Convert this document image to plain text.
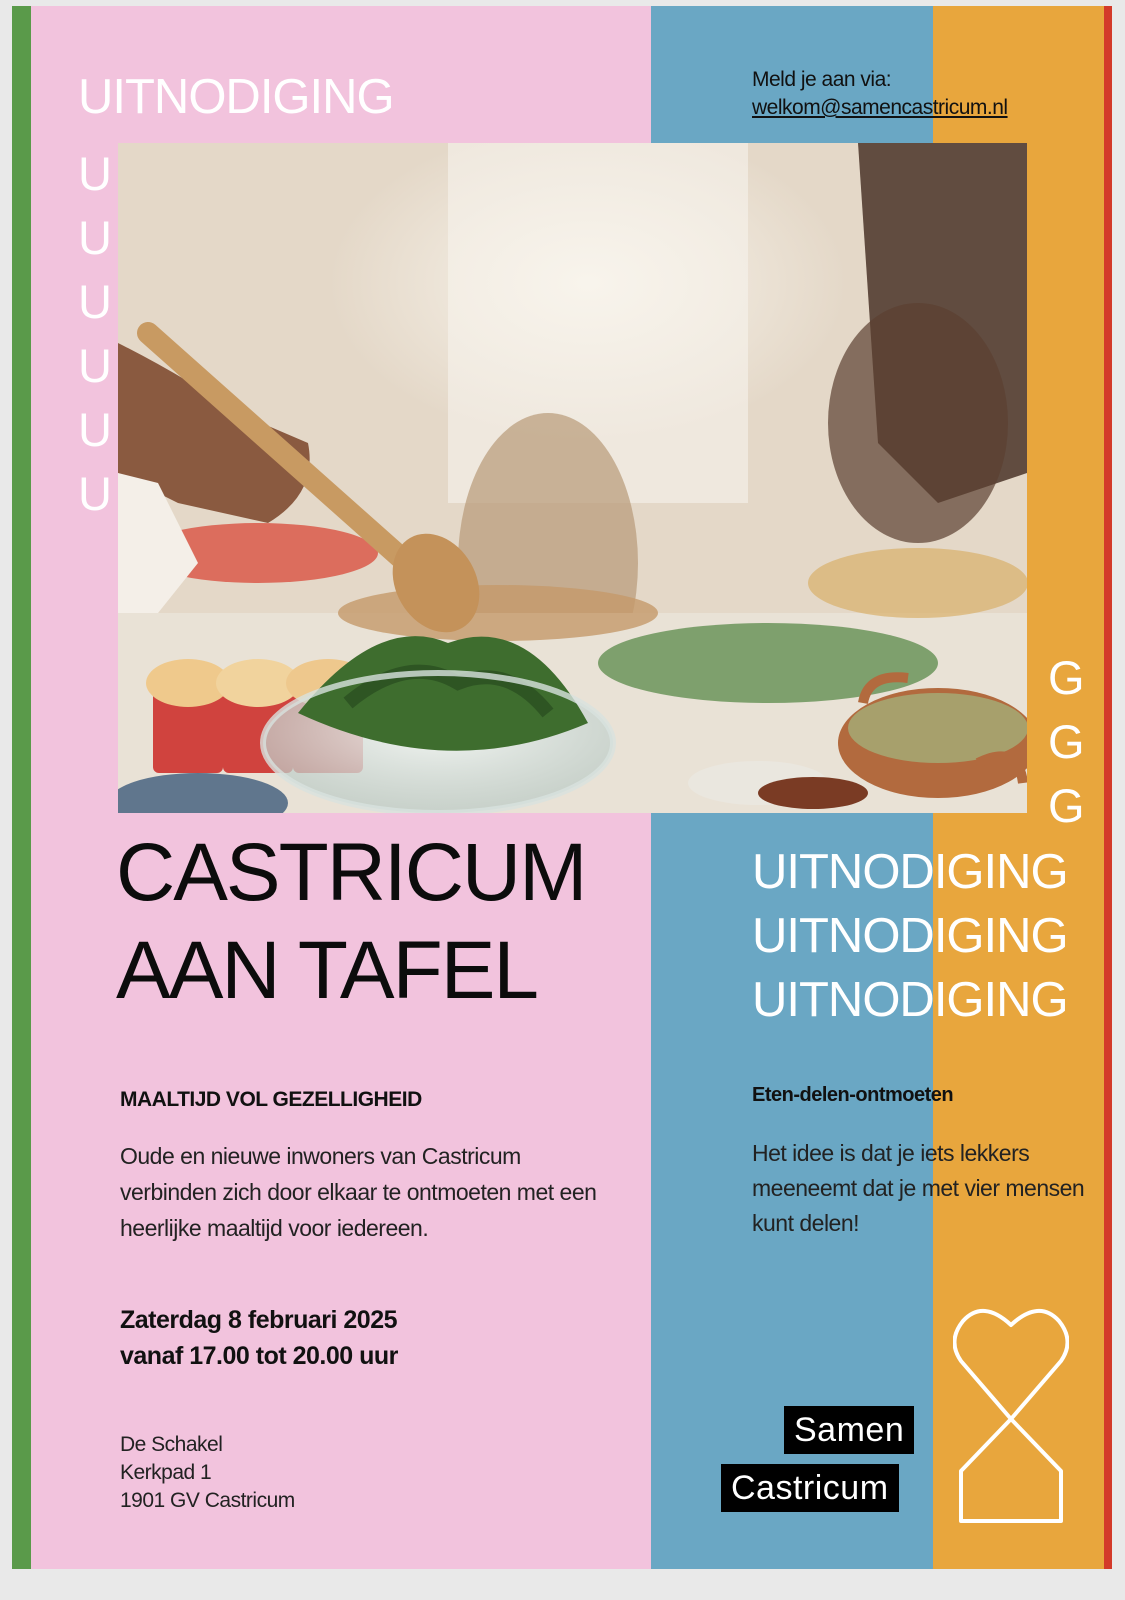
UITNODIGING
U
U
U
U
U
U
Meld je aan via:
welkom@samencastricum.nl
G
G
G
UITNODIGING
UITNODIGING
UITNODIGING
CASTRICUM
AAN TAFEL
MAALTIJD VOL GEZELLIGHEID
Oude en nieuwe inwoners van Castricum verbinden zich door elkaar te ontmoeten met een heerlijke maaltijd voor iedereen.
Zaterdag 8 februari 2025
vanaf 17.00 tot 20.00 uur
De Schakel
Kerkpad 1
1901 GV Castricum
Eten-delen-ontmoeten
Het idee is dat je iets lekkers meeneemt dat je met vier mensen kunt delen!
Samen
Castricum
